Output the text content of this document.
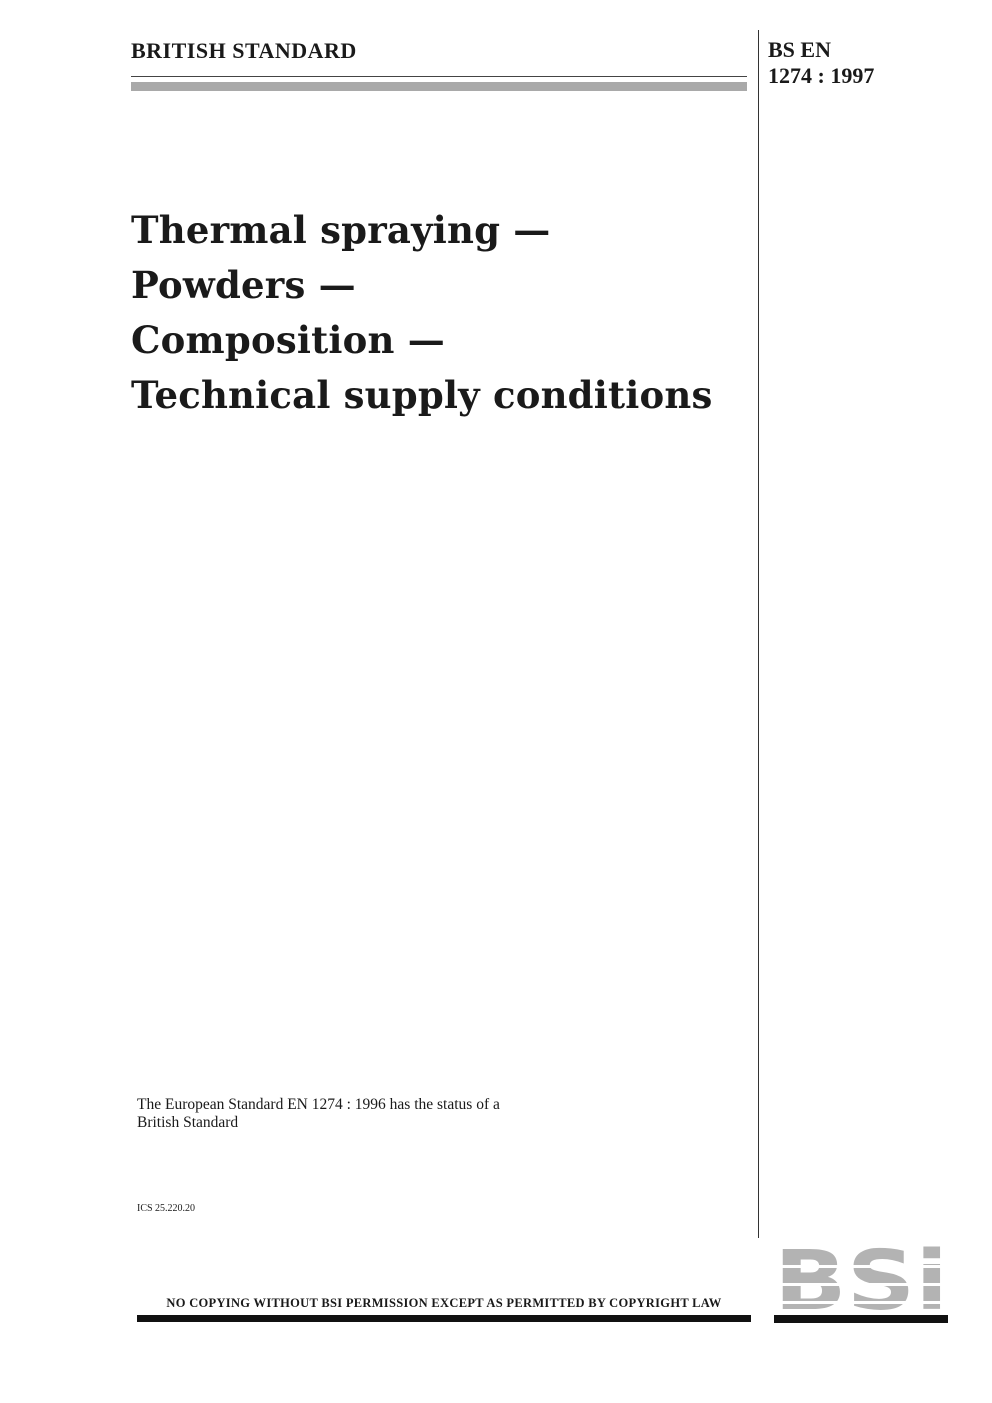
BRITISH STANDARD	BS EN
1274 : 1997
Thermal spraying —
Powders —
Composition —
Technical supply conditions
The European Standard EN 1274 : 1996 has the status of a
British Standard
ICS 25.220.20
NO COPYING WITHOUT BSI PERMISSION EXCEPT AS PERMITTED BY COPYRIGHT LAW
